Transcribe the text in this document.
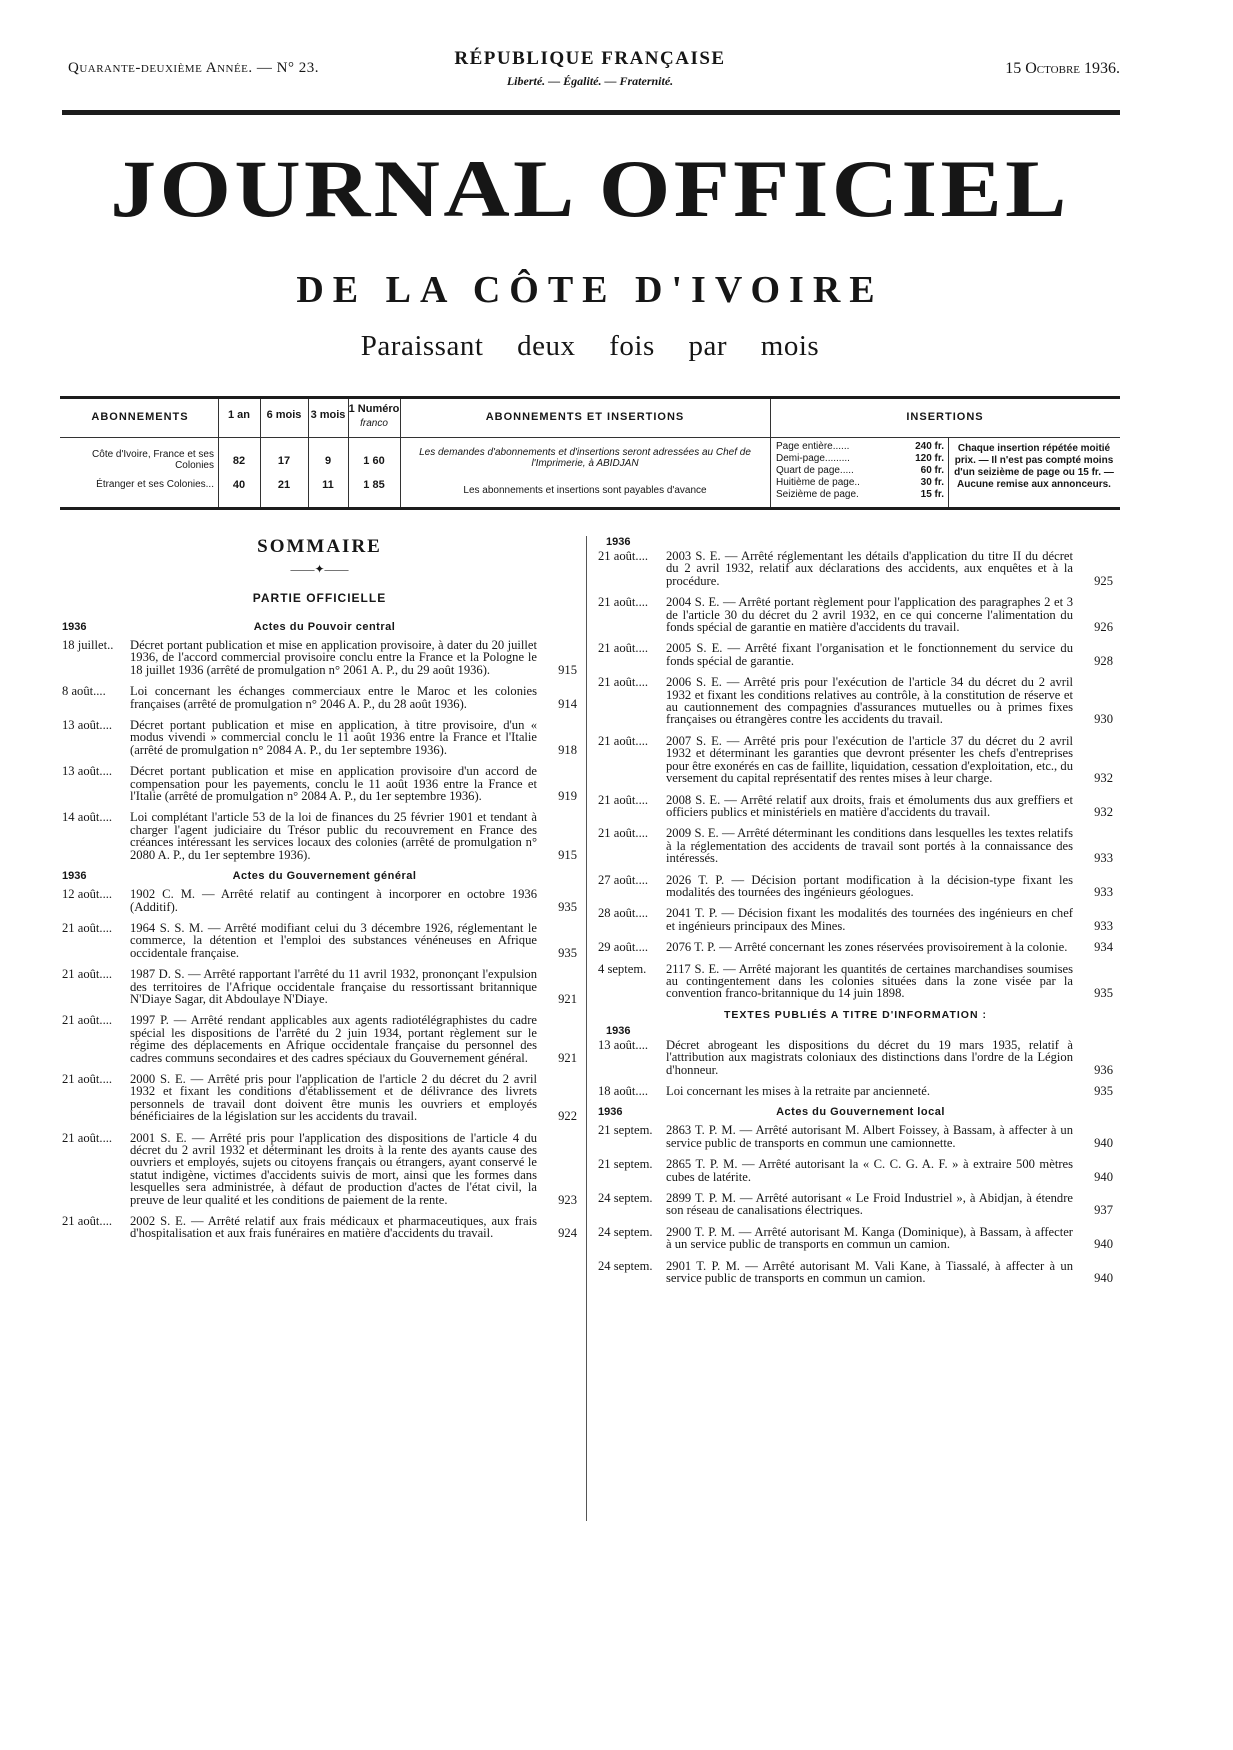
Quarante-deuxième Année. — N° 23.	RÉPUBLIQUE FRANÇAISE
Liberté. — Égalité. — Fraternité.
15 Octobre 1936.
JOURNAL OFFICIEL
DE LA CÔTE D'IVOIRE
Paraissant deux fois par mois
ABONNEMENTS	1 an	6 mois 3 mois 1 Numéro
franco
Côte d'Ivoire, France et ses Colonies	82	17	9	1 60
Étranger et ses Colonies...	40	21	11	1 85
ABONNEMENTS ET INSERTIONS
Les demandes d'abonnements et d'insertions seront adressées au Chef de l'Imprimerie, à ABIDJAN
Les abonnements et insertions sont payables d'avance
INSERTIONS
Page entière......	240 fr.
Demi-page.........	120 fr.
Quart de page.....	60 fr.
Huitième de page..	30 fr.
Seizième de page.	15 fr.
Chaque insertion répétée moitié prix. — Il n'est pas compté moins d'un seizième de page ou 15 fr. — Aucune remise aux annonceurs.
SOMMAIRE
——✦——
PARTIE OFFICIELLE
1936	Actes du Pouvoir central
18 juillet..	Décret portant publication et mise en application provisoire, à dater du 20 juillet 1936, de l'accord commercial provisoire conclu entre la France et la Pologne le 18 juillet 1936 (arrêté de promulgation n° 2061 A. P., du 29 août 1936).	915
8 août....	Loi concernant les échanges commerciaux entre le Maroc et les colonies françaises (arrêté de promulgation n° 2046 A. P., du 28 août 1936).	914
13 août....	Décret portant publication et mise en application, à titre provisoire, d'un « modus vivendi » commercial conclu le 11 août 1936 entre la France et l'Italie (arrêté de promulgation n° 2084 A. P., du 1er septembre 1936).	918
13 août....	Décret portant publication et mise en application provisoire d'un accord de compensation pour les payements, conclu le 11 août 1936 entre la France et l'Italie (arrêté de promulgation n° 2084 A. P., du 1er septembre 1936).	919
14 août....	Loi complétant l'article 53 de la loi de finances du 25 février 1901 et tendant à charger l'agent judiciaire du Trésor public du recouvrement en France des créances intéressant les services locaux des colonies (arrêté de promulgation n° 2080 A. P., du 1er septembre 1936).	915
1936	Actes du Gouvernement général
12 août....	1902 C. M. — Arrêté relatif au contingent à incorporer en octobre 1936 (Additif).	935
21 août....	1964 S. S. M. — Arrêté modifiant celui du 3 décembre 1926, réglementant le commerce, la détention et l'emploi des substances vénéneuses en Afrique occidentale française.	935
21 août....	1987 D. S. — Arrêté rapportant l'arrêté du 11 avril 1932, prononçant l'expulsion des territoires de l'Afrique occidentale française du ressortissant britannique N'Diaye Sagar, dit Abdoulaye N'Diaye.	921
21 août....	1997 P. — Arrêté rendant applicables aux agents radiotélégraphistes du cadre spécial les dispositions de l'arrêté du 2 juin 1934, portant règlement sur le régime des déplacements en Afrique occidentale française du personnel des cadres communs secondaires et des cadres spéciaux du Gouvernement général.	921
21 août....	2000 S. E. — Arrêté pris pour l'application de l'article 2 du décret du 2 avril 1932 et fixant les conditions d'établissement et de délivrance des livrets personnels de travail dont doivent être munis les ouvriers et employés bénéficiaires de la législation sur les accidents du travail.	922
21 août....	2001 S. E. — Arrêté pris pour l'application des dispositions de l'article 4 du décret du 2 avril 1932 et déterminant les droits à la rente des ayants cause des ouvriers et employés, sujets ou citoyens français ou étrangers, ayant conservé le statut indigène, victimes d'accidents suivis de mort, ainsi que les formes dans lesquelles sera administrée, à défaut de production d'actes de l'état civil, la preuve de leur qualité et les conditions de paiement de la rente.	923
21 août....	2002 S. E. — Arrêté relatif aux frais médicaux et pharmaceutiques, aux frais d'hospitalisation et aux frais funéraires en matière d'accidents du travail.	924
1936
21 août....	2003 S. E. — Arrêté réglementant les détails d'application du titre II du décret du 2 avril 1932, relatif aux déclarations des accidents, aux enquêtes et à la procédure.	925
21 août....	2004 S. E. — Arrêté portant règlement pour l'application des paragraphes 2 et 3 de l'article 30 du décret du 2 avril 1932, en ce qui concerne l'alimentation du fonds spécial de garantie en matière d'accidents du travail.	926
21 août....	2005 S. E. — Arrêté fixant l'organisation et le fonctionnement du service du fonds spécial de garantie.	928
21 août....	2006 S. E. — Arrêté pris pour l'exécution de l'article 34 du décret du 2 avril 1932 et fixant les conditions relatives au contrôle, à la constitution de réserve et au cautionnement des compagnies d'assurances mutuelles ou à primes fixes françaises ou étrangères contre les accidents du travail.	930
21 août....	2007 S. E. — Arrêté pris pour l'exécution de l'article 37 du décret du 2 avril 1932 et déterminant les garanties que devront présenter les chefs d'entreprises pour être exonérés en cas de faillite, liquidation, cessation d'exploitation, etc., du versement du capital représentatif des rentes mises à leur charge.	932
21 août....	2008 S. E. — Arrêté relatif aux droits, frais et émoluments dus aux greffiers et officiers publics et ministériels en matière d'accidents du travail.	932
21 août....	2009 S. E. — Arrêté déterminant les conditions dans lesquelles les textes relatifs à la réglementation des accidents de travail sont portés à la connaissance des intéressés.	933
27 août....	2026 T. P. — Décision portant modification à la décision-type fixant les modalités des tournées des ingénieurs géologues.	933
28 août....	2041 T. P. — Décision fixant les modalités des tournées des ingénieurs en chef et ingénieurs principaux des Mines.	933
29 août....	2076 T. P. — Arrêté concernant les zones réservées provisoirement à la colonie.	934
4 septem.	2117 S. E. — Arrêté majorant les quantités de certaines marchandises soumises au contingentement dans les colonies situées dans la zone visée par la convention franco-britannique du 14 juin 1898.	935
TEXTES PUBLIÉS A TITRE D'INFORMATION :
1936
13 août....	Décret abrogeant les dispositions du décret du 19 mars 1935, relatif à l'attribution aux magistrats coloniaux des distinctions dans l'ordre de la Légion d'honneur.	936
18 août....	Loi concernant les mises à la retraite par ancienneté.	935
1936	Actes du Gouvernement local
21 septem.	2863 T. P. M. — Arrêté autorisant M. Albert Foissey, à Bassam, à affecter à un service public de transports en commun une camionnette.	940
21 septem.	2865 T. P. M. — Arrêté autorisant la « C. C. G. A. F. » à extraire 500 mètres cubes de latérite.	940
24 septem.	2899 T. P. M. — Arrêté autorisant « Le Froid Industriel », à Abidjan, à étendre son réseau de canalisations électriques.	937
24 septem.	2900 T. P. M. — Arrêté autorisant M. Kanga (Dominique), à Bassam, à affecter à un service public de transports en commun un camion.	940
24 septem.	2901 T. P. M. — Arrêté autorisant M. Vali Kane, à Tiassalé, à affecter à un service public de transports en commun un camion.	940
